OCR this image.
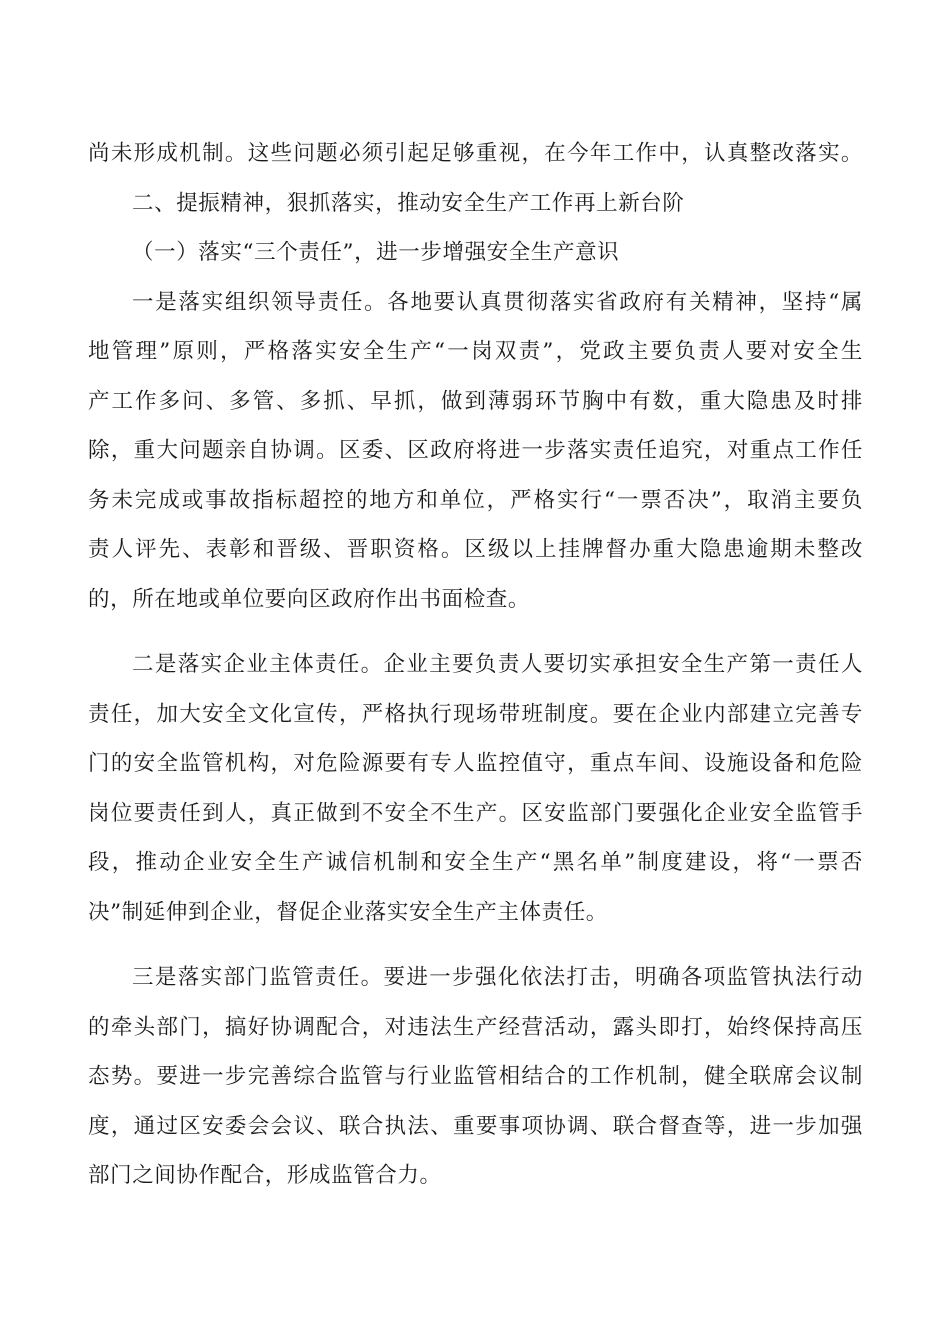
尚未形成机制。这些问题必须引起足够重视，在今年工作中，认真整改落实。
二、提振精神，狠抓落实，推动安全生产工作再上新台阶
（一）落实“三个责任”，进一步增强安全生产意识
一是落实组织领导责任。各地要认真贯彻落实省政府有关精神，坚持“属
地管理”原则，严格落实安全生产“一岗双责”，党政主要负责人要对安全生
产工作多问、多管、多抓、早抓，做到薄弱环节胸中有数，重大隐患及时排
除，重大问题亲自协调。区委、区政府将进一步落实责任追究，对重点工作任
务未完成或事故指标超控的地方和单位，严格实行“一票否决”，取消主要负
责人评先、表彰和晋级、晋职资格。区级以上挂牌督办重大隐患逾期未整改
的，所在地或单位要向区政府作出书面检查。
二是落实企业主体责任。企业主要负责人要切实承担安全生产第一责任人
责任，加大安全文化宣传，严格执行现场带班制度。要在企业内部建立完善专
门的安全监管机构，对危险源要有专人监控值守，重点车间、设施设备和危险
岗位要责任到人，真正做到不安全不生产。区安监部门要强化企业安全监管手
段，推动企业安全生产诚信机制和安全生产“黑名单”制度建设，将“一票否
决”制延伸到企业，督促企业落实安全生产主体责任。
三是落实部门监管责任。要进一步强化依法打击，明确各项监管执法行动
的牵头部门，搞好协调配合，对违法生产经营活动，露头即打，始终保持高压
态势。要进一步完善综合监管与行业监管相结合的工作机制，健全联席会议制
度，通过区安委会会议、联合执法、重要事项协调、联合督查等，进一步加强
部门之间协作配合，形成监管合力。
